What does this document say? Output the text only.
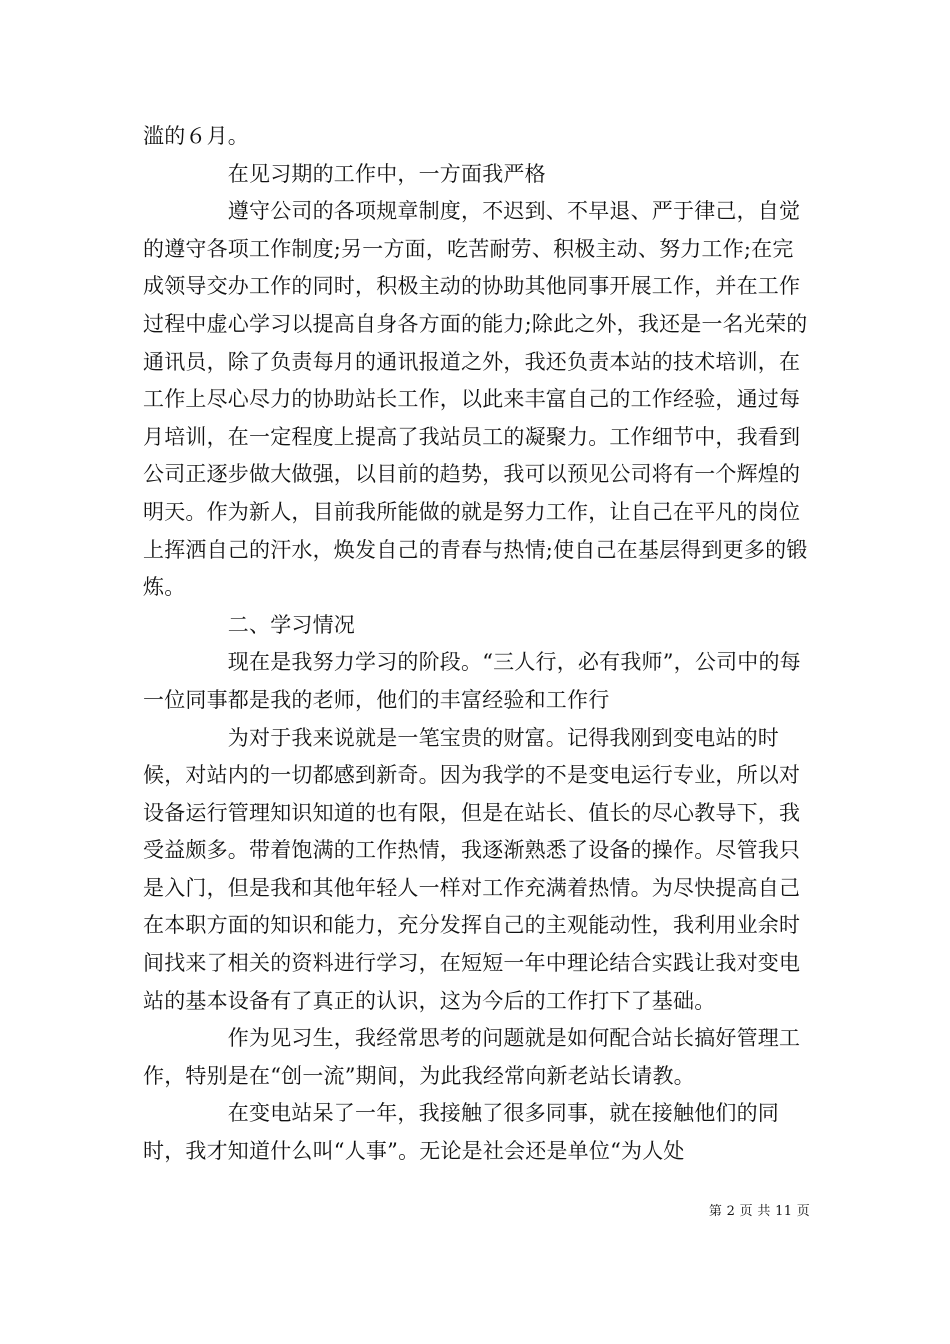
滥的６月。

　　　　在见习期的工作中，一方面我严格

　　　　遵守公司的各项规章制度，不迟到、不早退、严于律己，自觉的遵守各项工作制度;另一方面，吃苦耐劳、积极主动、努力工作;在完成领导交办工作的同时，积极主动的协助其他同事开展工作，并在工作过程中虚心学习以提高自身各方面的能力;除此之外，我还是一名光荣的通讯员，除了负责每月的通讯报道之外，我还负责本站的技术培训，在工作上尽心尽力的协助站长工作，以此来丰富自己的工作经验，通过每月培训，在一定程度上提高了我站员工的凝聚力。工作细节中，我看到公司正逐步做大做强，以目前的趋势，我可以预见公司将有一个辉煌的明天。作为新人，目前我所能做的就是努力工作，让自己在平凡的岗位上挥洒自己的汗水，焕发自己的青春与热情;使自己在基层得到更多的锻炼。

　　　　二、学习情况

　　　　现在是我努力学习的阶段。“三人行，必有我师”，公司中的每一位同事都是我的老师，他们的丰富经验和工作行

　　　　为对于我来说就是一笔宝贵的财富。记得我刚到变电站的时候，对站内的一切都感到新奇。因为我学的不是变电运行专业，所以对设备运行管理知识知道的也有限，但是在站长、值长的尽心教导下，我受益颇多。带着饱满的工作热情，我逐渐熟悉了设备的操作。尽管我只是入门，但是我和其他年轻人一样对工作充满着热情。为尽快提高自己在本职方面的知识和能力，充分发挥自己的主观能动性，我利用业余时间找来了相关的资料进行学习，在短短一年中理论结合实践让我对变电站的基本设备有了真正的认识，这为今后的工作打下了基础。

　　　　作为见习生，我经常思考的问题就是如何配合站长搞好管理工作，特别是在“创一流”期间，为此我经常向新老站长请教。

　　　　在变电站呆了一年，我接触了很多同事，就在接触他们的同时，我才知道什么叫“人事”。无论是社会还是单位“为人处

第 2 页 共 11 页
